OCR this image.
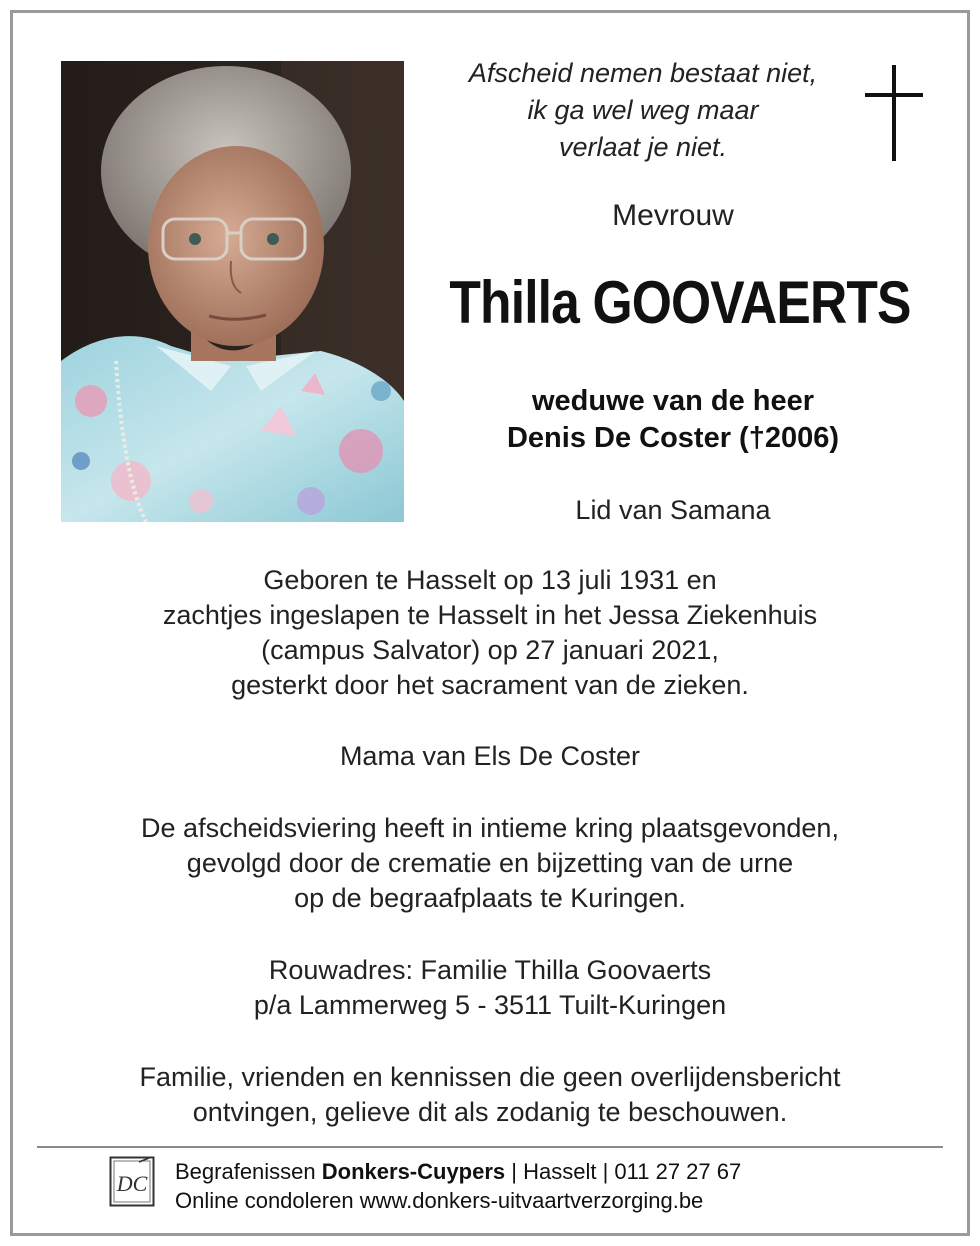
Afscheid nemen bestaat niet,
ik ga wel weg maar
verlaat je niet.
Mevrouw
Thilla GOOVAERTS
weduwe van de heer
Denis De Coster (†2006)
Lid van Samana
Geboren te Hasselt op 13 juli 1931 en
zachtjes ingeslapen te Hasselt in het Jessa Ziekenhuis
(campus Salvator) op 27 januari 2021,
gesterkt door het sacrament van de zieken.
Mama van Els De Coster
De afscheidsviering heeft in intieme kring plaatsgevonden,
gevolgd door de crematie en bijzetting van de urne
op de begraafplaats te Kuringen.
Rouwadres: Familie Thilla Goovaerts
p/a Lammerweg 5 - 3511 Tuilt-Kuringen
Familie, vrienden en kennissen die geen overlijdensbericht
ontvingen, gelieve dit als zodanig te beschouwen.
DC Begrafenissen Donkers-Cuypers | Hasselt | 011 27 27 67
Online condoleren www.donkers-uitvaartverzorging.be
